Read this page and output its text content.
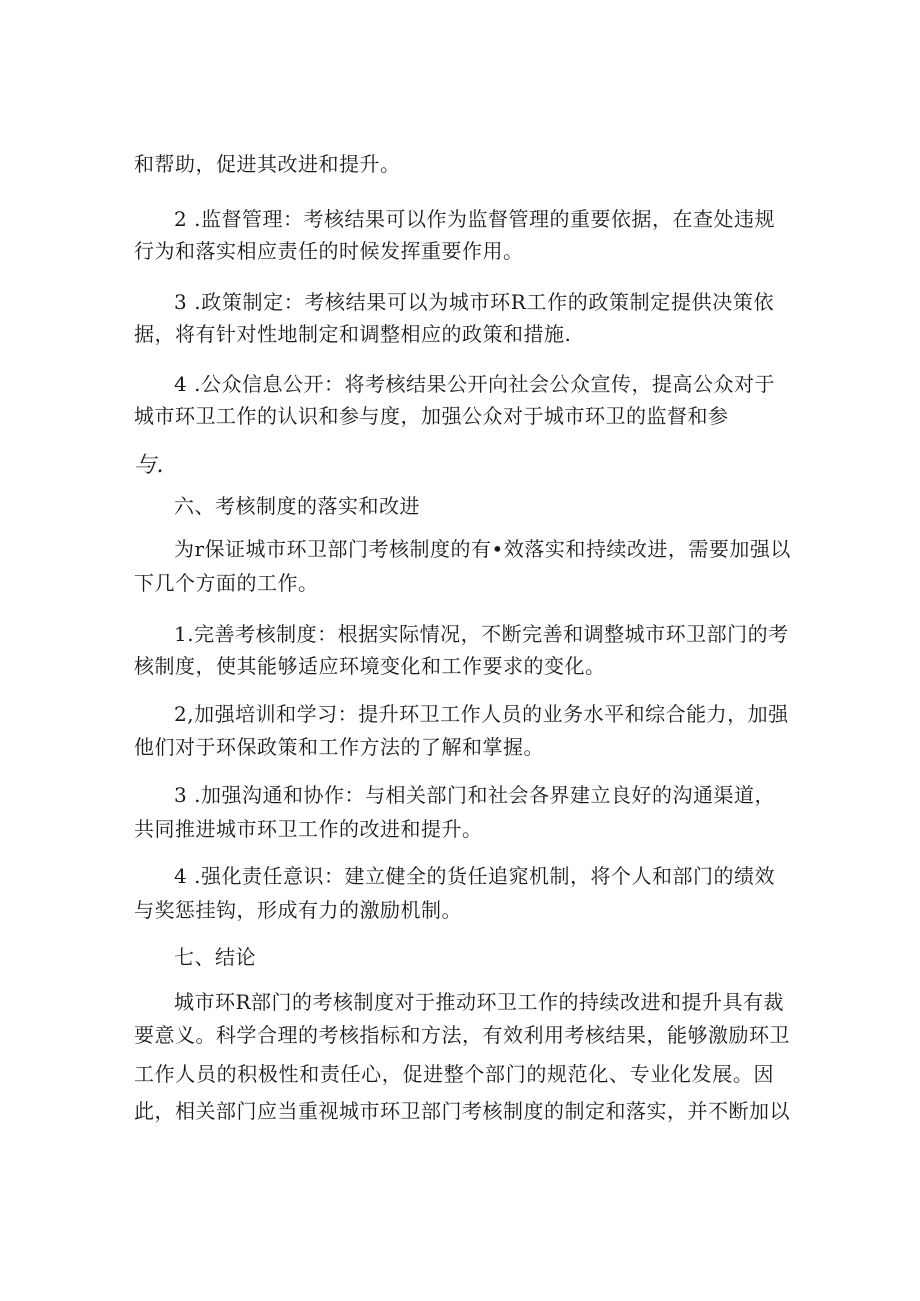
和帮助，促进其改进和提升。
2 .监督管理：考核结果可以作为监督管理的重要依据，在查处违规
行为和落实相应责任的时候发挥重要作用。
3 .政策制定：考核结果可以为城市环R工作的政策制定提供决策依
据，将有针对性地制定和调整相应的政策和措施.
4 .公众信息公开：将考核结果公开向社会公众宣传，提高公众对于
城市环卫工作的认识和参与度，加强公众对于城市环卫的监督和参
与.
六、考核制度的落实和改进
为r保证城市环卫部门考核制度的有•效落实和持续改进，需要加强以
下几个方面的工作。
1.完善考核制度：根据实际情况，不断完善和调整城市环卫部门的考
核制度，使其能够适应环境变化和工作要求的变化。
2,加强培训和学习：提升环卫工作人员的业务水平和综合能力，加强
他们对于环保政策和工作方法的了解和掌握。
3 .加强沟通和协作：与相关部门和社会各界建立良好的沟通渠道，
共同推进城市环卫工作的改进和提升。
4 .强化责任意识：建立健全的货任追窕机制，将个人和部门的绩效
与奖惩挂钩，形成有力的激励机制。
七、结论
城市环R部门的考核制度对于推动环卫工作的持续改进和提升具有裁
要意义。科学合理的考核指标和方法，有效利用考核结果，能够激励环卫
工作人员的积极性和责任心，促进整个部门的规范化、专业化发展。因
此，相关部门应当重视城市环卫部门考核制度的制定和落实，并不断加以
